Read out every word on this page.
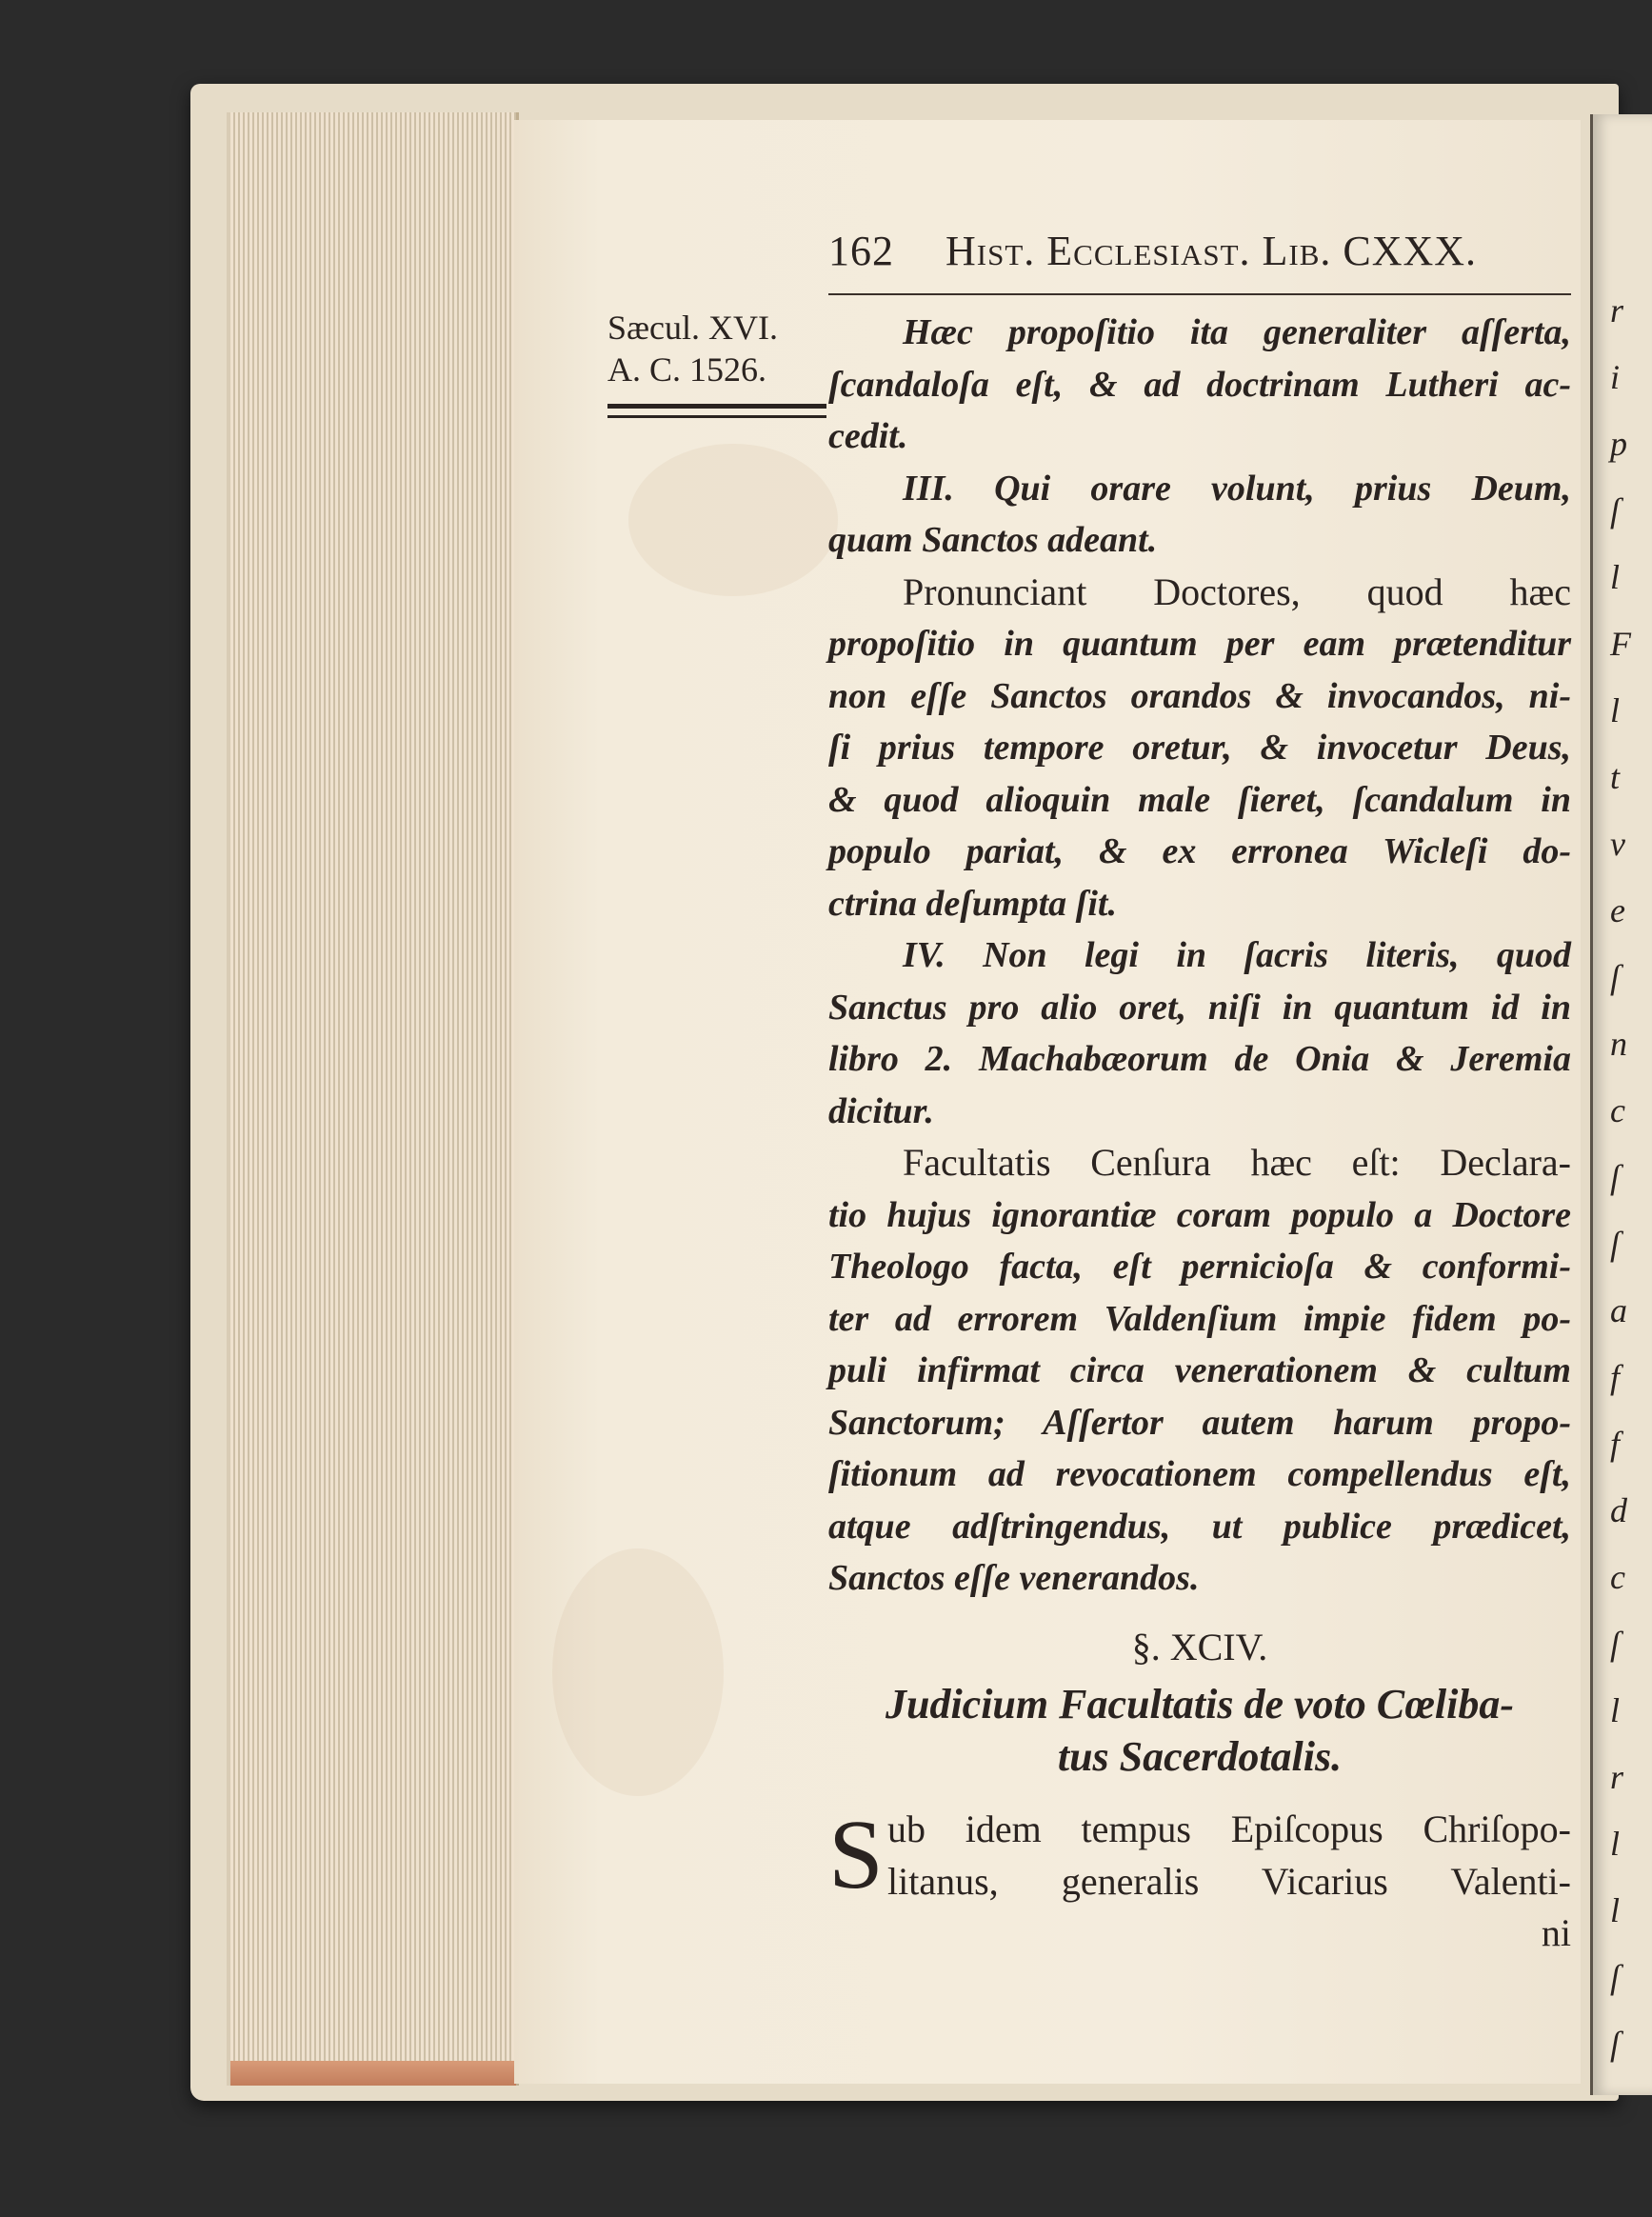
162 Hist. Ecclesiast. Lib. CXXX.
Sæcul. XVI.
A. C. 1526.
Hæc propoſitio ita generaliter aſſerta,
ſcandaloſa eſt, & ad doctrinam Lutheri ac-
cedit.
III. Qui orare volunt, prius Deum,
quam Sanctos adeant.
Pronunciant Doctores, quod hæc
propoſitio in quantum per eam prætenditur
non eſſe Sanctos orandos & invocandos, ni-
ſi prius tempore oretur, & invocetur Deus,
& quod alioquin male ſieret, ſcandalum in
populo pariat, & ex erronea Wicleſi do-
ctrina deſumpta ſit.
IV. Non legi in ſacris literis, quod
Sanctus pro alio oret, niſi in quantum id in
libro 2. Machabæorum de Onia & Jeremia
dicitur.
Facultatis Cenſura hæc eſt: Declara-
tio hujus ignorantiæ coram populo a Doctore
Theologo facta, eſt pernicioſa & conformi-
ter ad errorem Valdenſium impie fidem po-
puli infirmat circa venerationem & cultum
Sanctorum; Aſſertor autem harum propo-
ſitionum ad revocationem compellendus eſt,
atque adſtringendus, ut publice prædicet,
Sanctos eſſe venerandos.
§. XCIV.
Judicium Facultatis de voto Cœliba-
tus Sacerdotalis.
S ub idem tempus Epiſcopus Chriſopo-
litanus, generalis Vicarius Valenti-
ni
r
i
p
ſ
l
F
l
t
v
e
ſ
n
c
ſ
ſ
a
f
f
d
c
ſ
l
r
l
l
ſ
ſ
